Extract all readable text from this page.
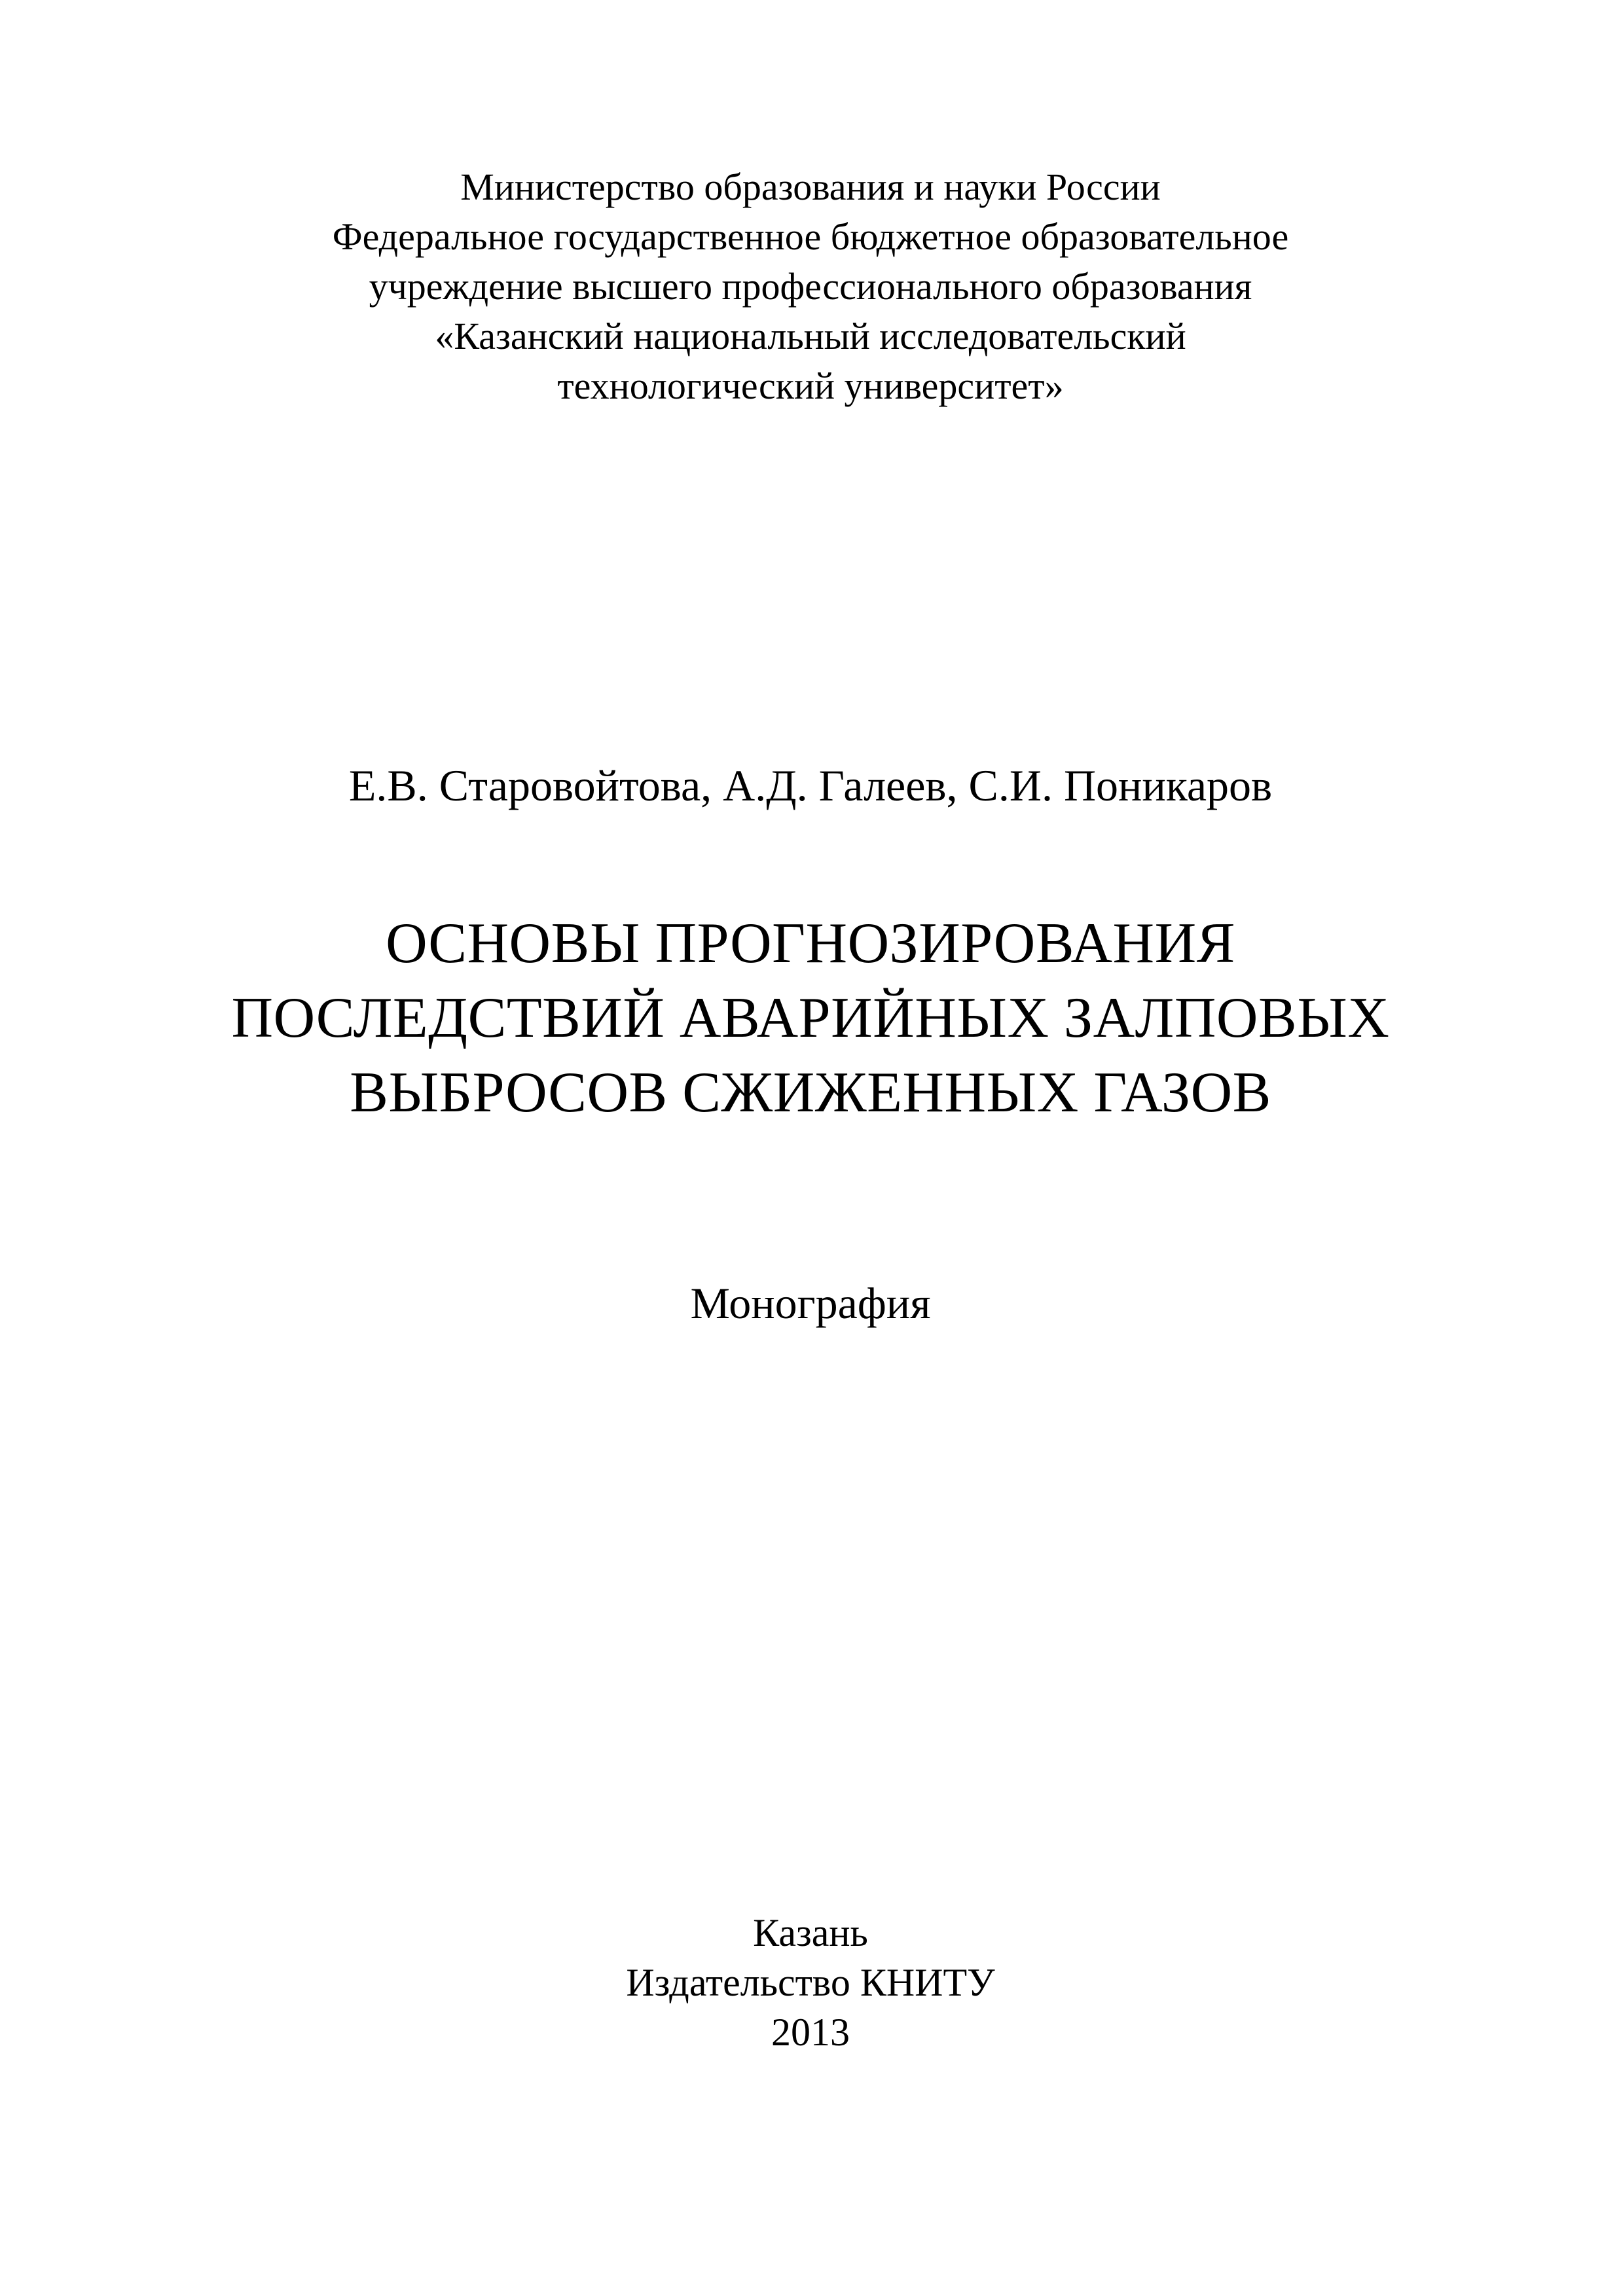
Министерство образования и науки России
Федеральное государственное бюджетное образовательное
учреждение высшего профессионального образования
«Казанский национальный исследовательский
технологический университет»
Е.В. Старовойтова, А.Д. Галеев, С.И. Поникаров
ОСНОВЫ ПРОГНОЗИРОВАНИЯ
ПОСЛЕДСТВИЙ АВАРИЙНЫХ ЗАЛПОВЫХ
ВЫБРОСОВ СЖИЖЕННЫХ ГАЗОВ
Монография
Казань
Издательство КНИТУ
2013
